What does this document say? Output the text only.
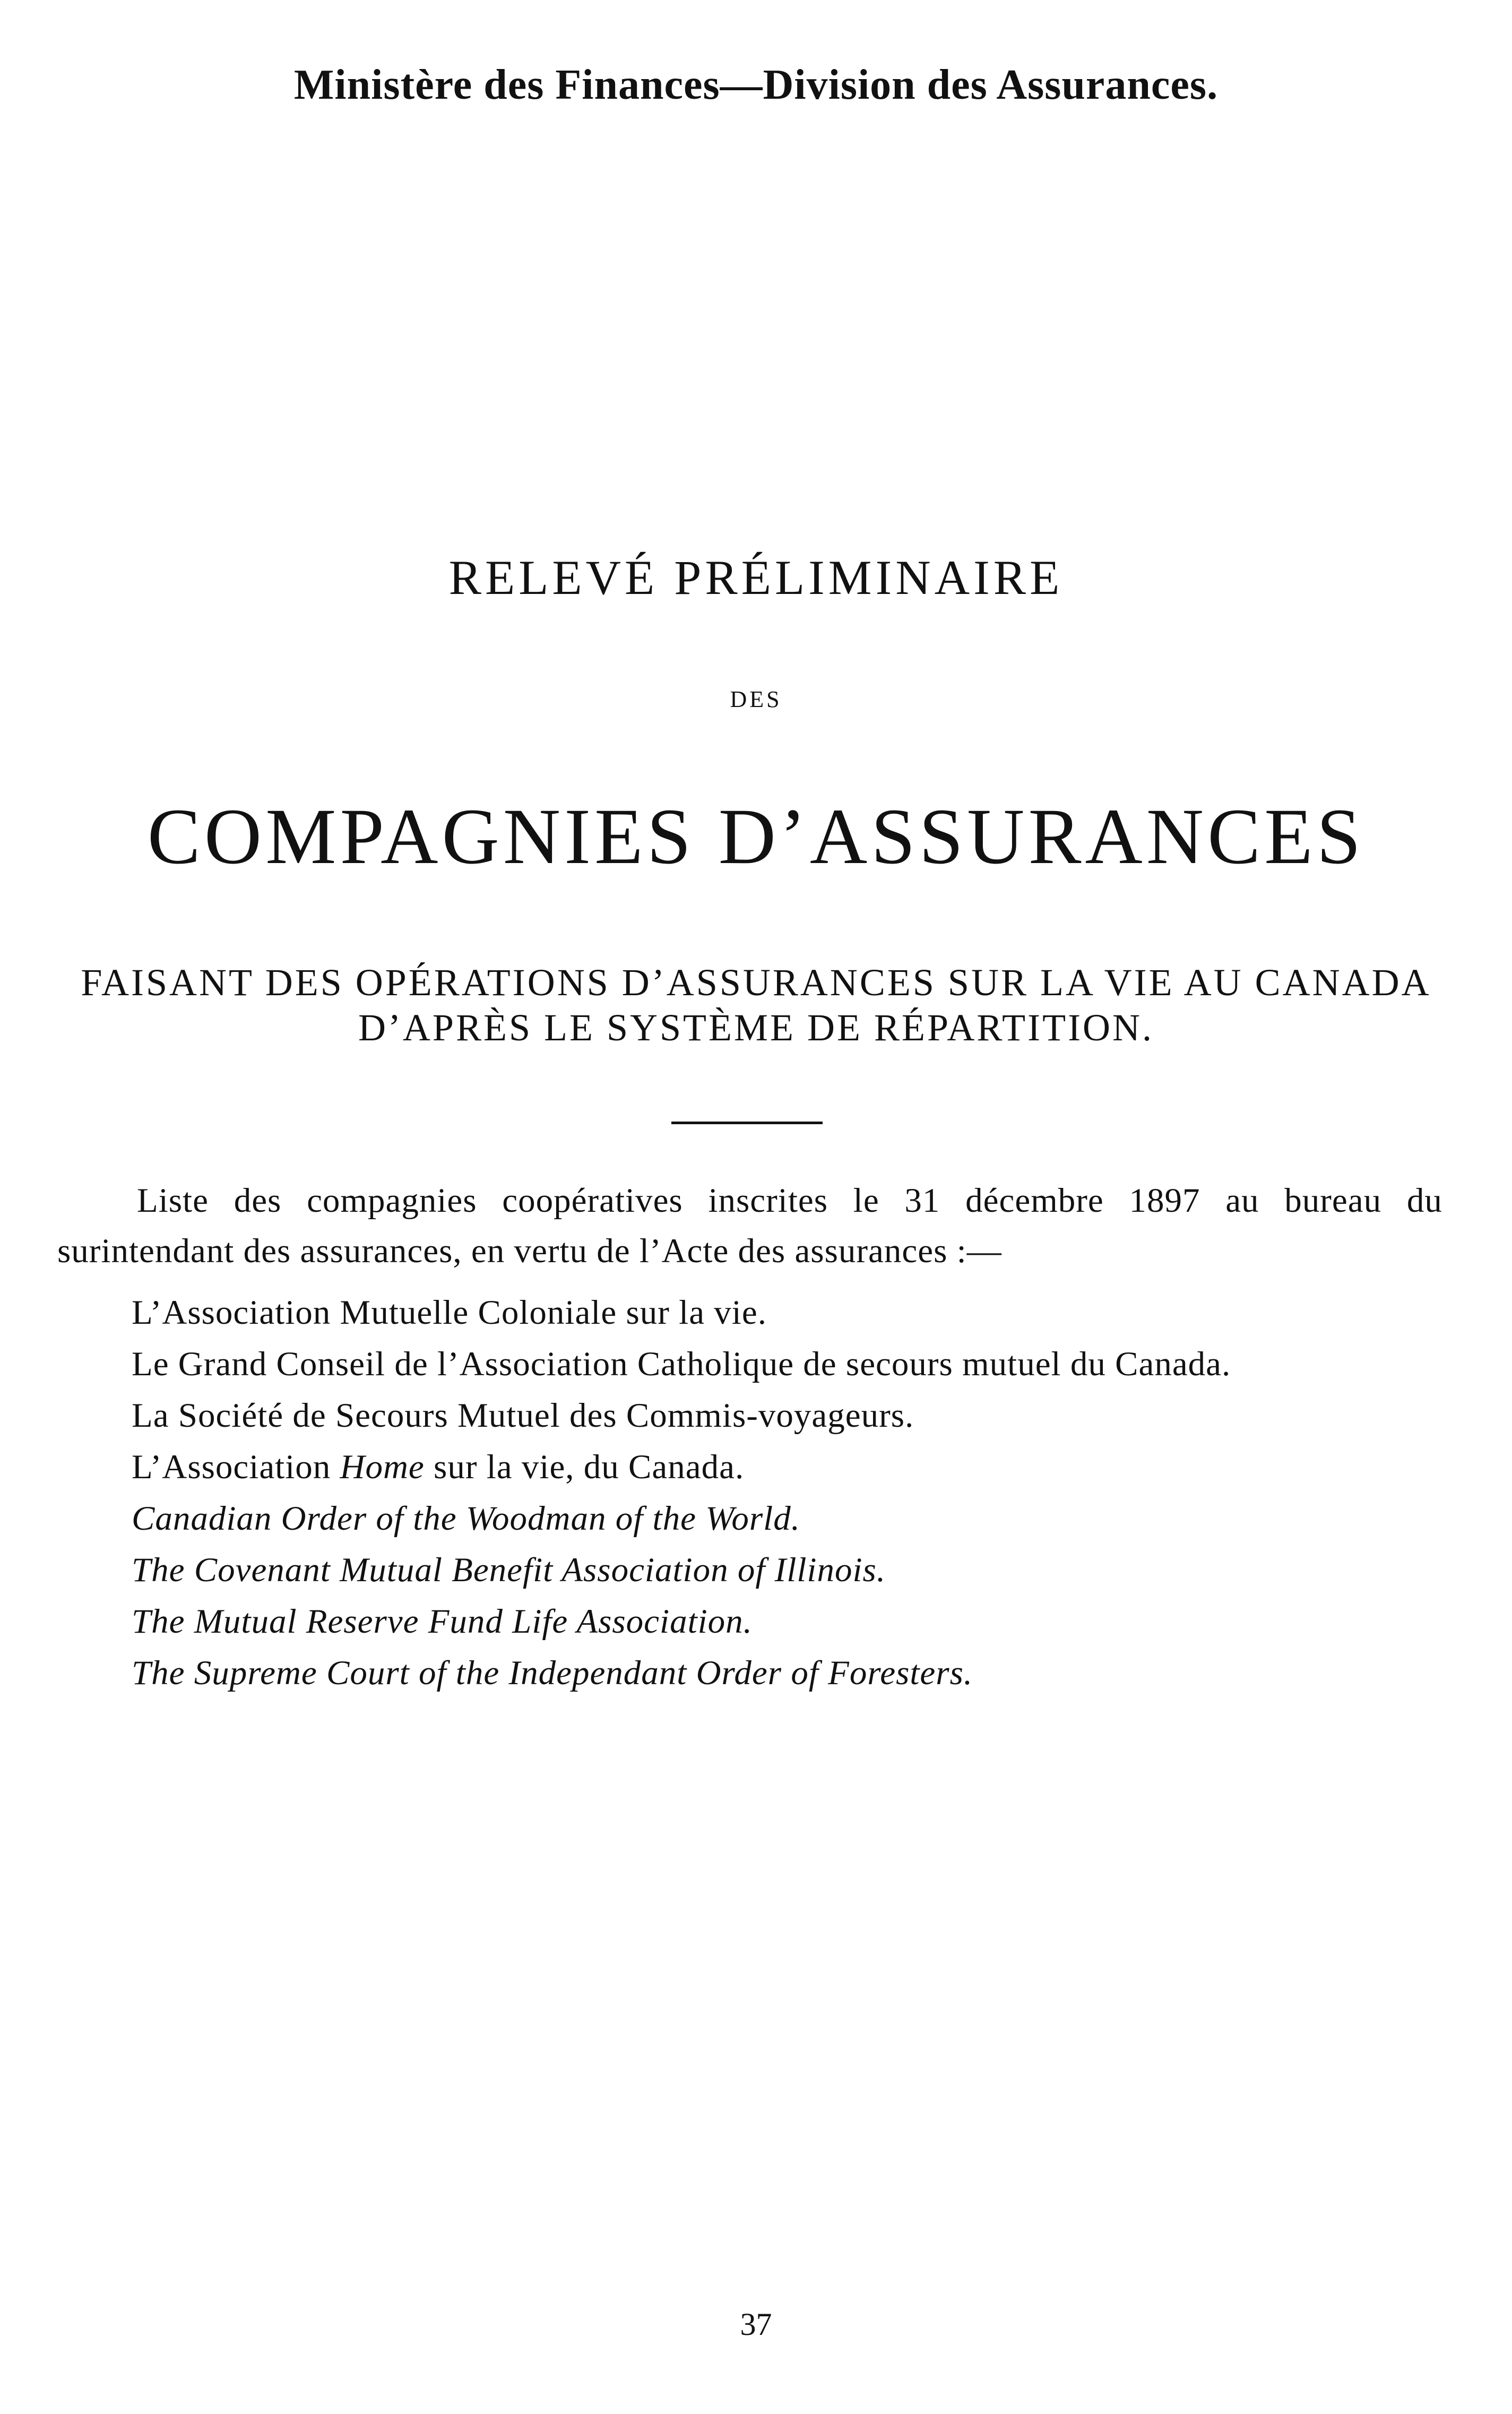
Ministère des Finances—Division des Assurances.
RELEVÉ PRÉLIMINAIRE
DES
COMPAGNIES D’ASSURANCES
FAISANT DES OPÉRATIONS D’ASSURANCES SUR LA VIE AU CANADA
D’APRÈS LE SYSTÈME DE RÉPARTITION.
Liste des compagnies coopératives inscrites le 31 décembre 1897 au bureau du
surintendant des assurances, en vertu de l’Acte des assurances :—
L’Association Mutuelle Coloniale sur la vie.
Le Grand Conseil de l’Association Catholique de secours mutuel du Canada.
La Société de Secours Mutuel des Commis-voyageurs.
L’Association Home sur la vie, du Canada.
Canadian Order of the Woodman of the World.
The Covenant Mutual Benefit Association of Illinois.
The Mutual Reserve Fund Life Association.
The Supreme Court of the Independant Order of Foresters.
37
